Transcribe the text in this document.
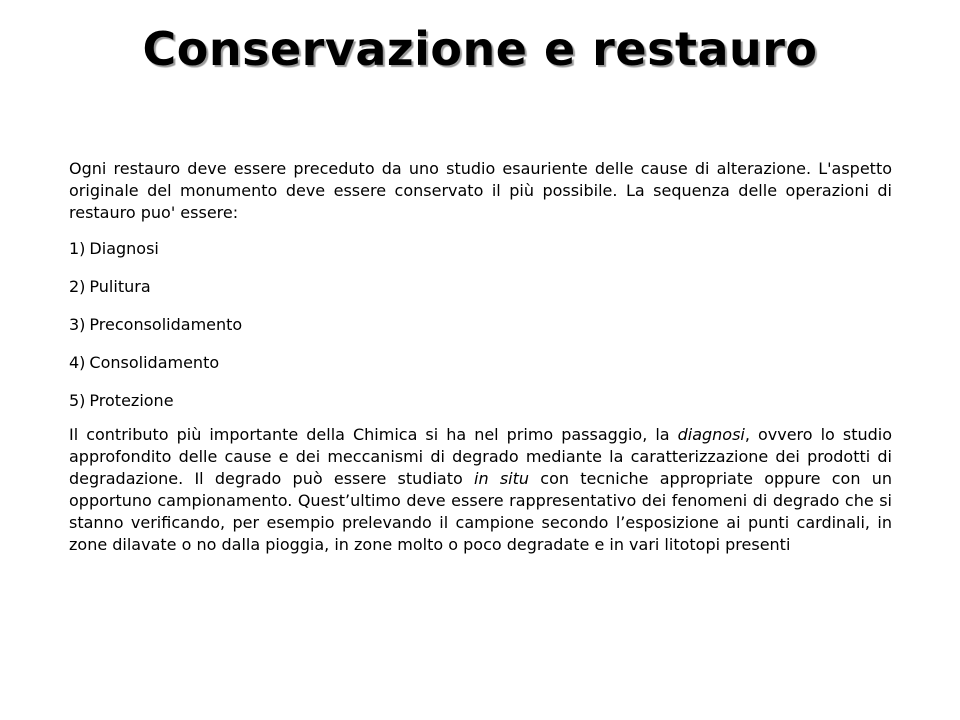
Conservazione e restauro

Ogni restauro deve essere preceduto da uno studio esauriente delle cause di alterazione. L'aspetto originale del monumento deve essere conservato il più possibile. La sequenza delle operazioni di restauro puo' essere:

1) Diagnosi

2) Pulitura

3) Preconsolidamento

4) Consolidamento

5) Protezione

Il contributo più importante della Chimica si ha nel primo passaggio, la diagnosi, ovvero lo studio approfondito delle cause e dei meccanismi di degrado mediante la caratterizzazione dei prodotti di degradazione. Il degrado può essere studiato in situ con tecniche appropriate oppure con un opportuno campionamento. Quest’ultimo deve essere rappresentativo dei fenomeni di degrado che si stanno verificando, per esempio prelevando il campione secondo l’esposizione ai punti cardinali, in zone dilavate o no dalla pioggia, in zone molto o poco degradate e in vari litotopi presenti
